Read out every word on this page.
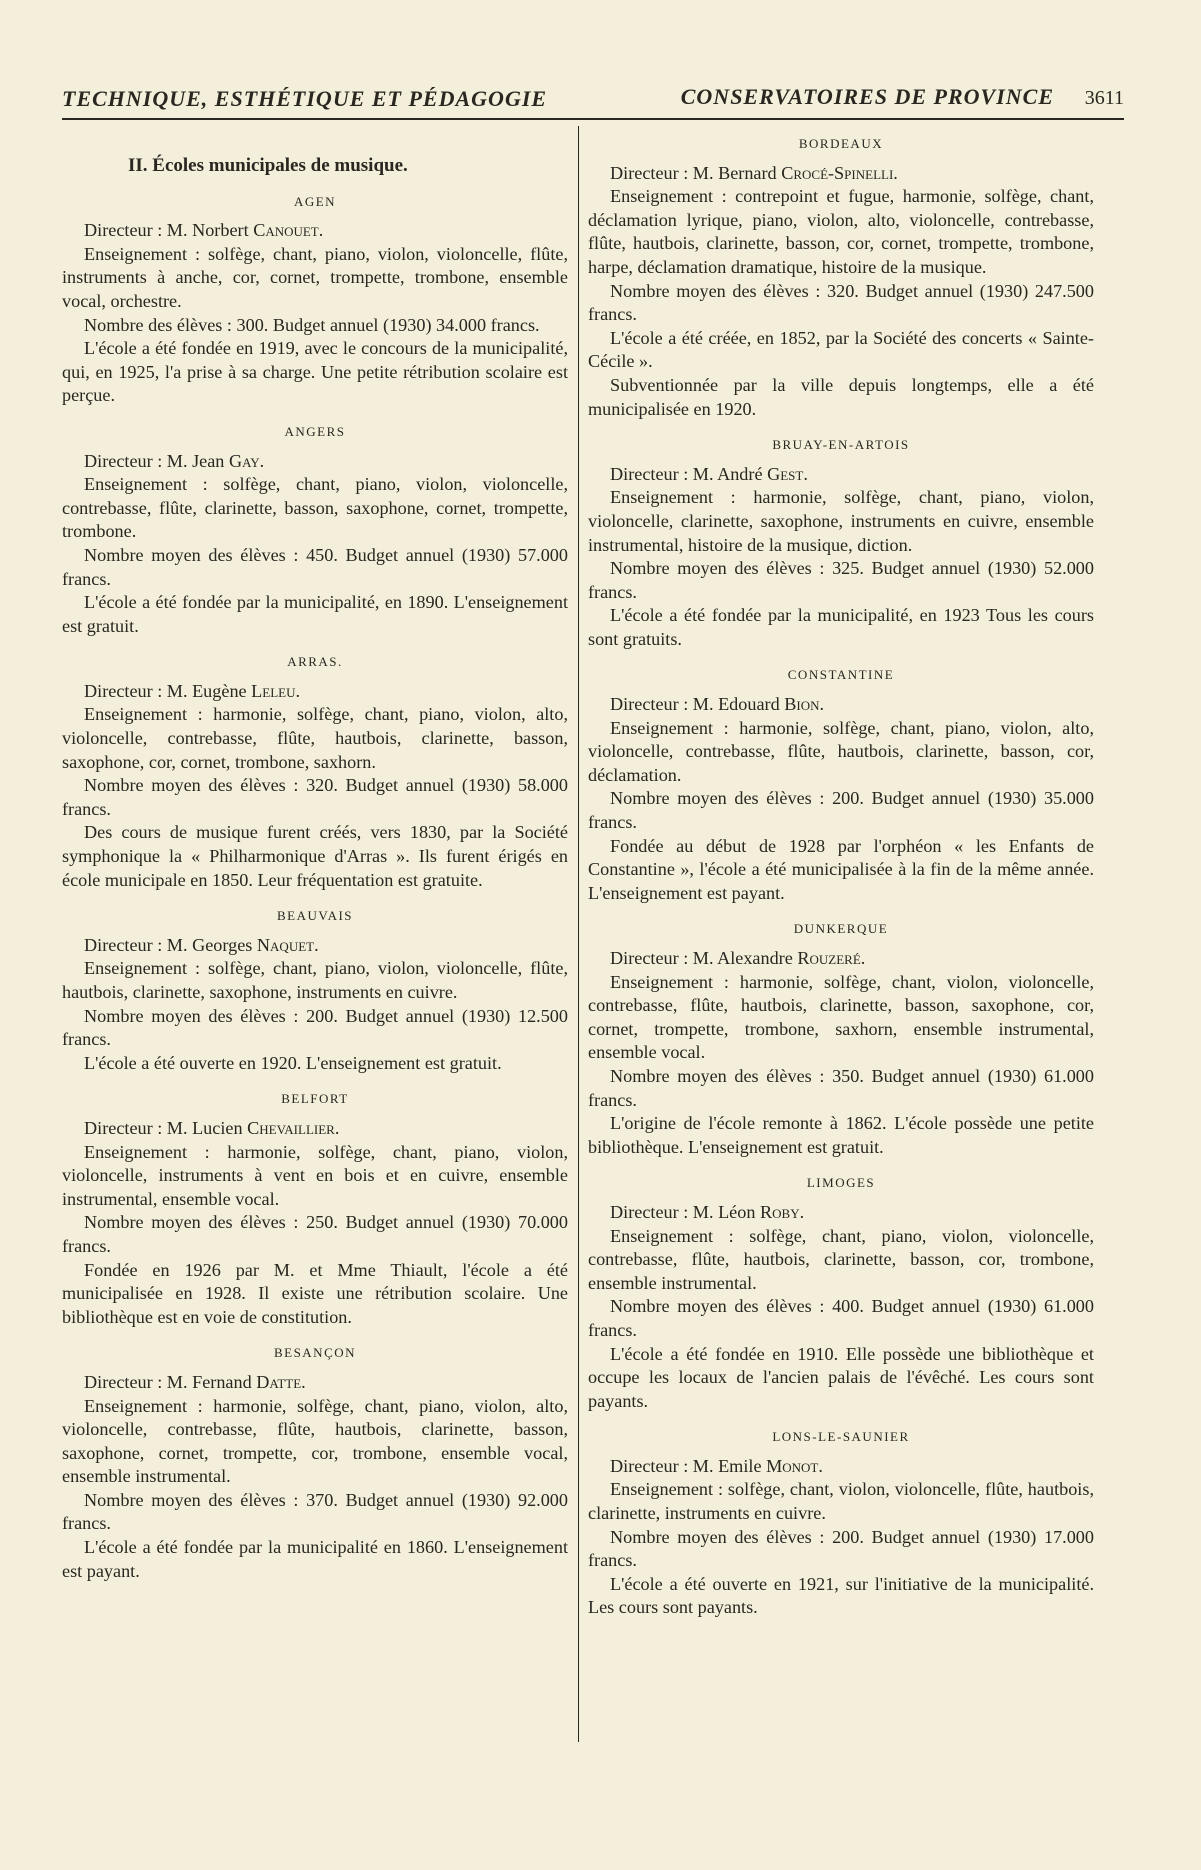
TECHNIQUE, ESTHÉTIQUE ET PÉDAGOGIE	CONSERVATOIRES DE PROVINCE 3611
II. Écoles municipales de musique.
AGEN

Directeur : M. Norbert Canouet.

Enseignement : solfège, chant, piano, violon, violoncelle, flûte, instruments à anche, cor, cornet, trompette, trombone, ensemble vocal, orchestre.

Nombre des élèves : 300. Budget annuel (1930) 34.000 francs.

L'école a été fondée en 1919, avec le concours de la municipalité, qui, en 1925, l'a prise à sa charge. Une petite rétribution scolaire est perçue.

ANGERS

Directeur : M. Jean Gay.

Enseignement : solfège, chant, piano, violon, violoncelle, contrebasse, flûte, clarinette, basson, saxophone, cornet, trompette, trombone.

Nombre moyen des élèves : 450. Budget annuel (1930) 57.000 francs.

L'école a été fondée par la municipalité, en 1890. L'enseignement est gratuit.

ARRAS.

Directeur : M. Eugène Leleu.

Enseignement : harmonie, solfège, chant, piano, violon, alto, violoncelle, contrebasse, flûte, hautbois, clarinette, basson, saxophone, cor, cornet, trombone, saxhorn.

Nombre moyen des élèves : 320. Budget annuel (1930) 58.000 francs.

Des cours de musique furent créés, vers 1830, par la Société symphonique la « Philharmonique d'Arras ». Ils furent érigés en école municipale en 1850. Leur fréquentation est gratuite.

BEAUVAIS

Directeur : M. Georges Naquet.

Enseignement : solfège, chant, piano, violon, violoncelle, flûte, hautbois, clarinette, saxophone, instruments en cuivre.

Nombre moyen des élèves : 200. Budget annuel (1930) 12.500 francs.

L'école a été ouverte en 1920. L'enseignement est gratuit.

BELFORT

Directeur : M. Lucien Chevaillier.

Enseignement : harmonie, solfège, chant, piano, violon, violoncelle, instruments à vent en bois et en cuivre, ensemble instrumental, ensemble vocal.

Nombre moyen des élèves : 250. Budget annuel (1930) 70.000 francs.

Fondée en 1926 par M. et Mme Thiault, l'école a été municipalisée en 1928. Il existe une rétribution scolaire. Une bibliothèque est en voie de constitution.

BESANÇON

Directeur : M. Fernand Datte.

Enseignement : harmonie, solfège, chant, piano, violon, alto, violoncelle, contrebasse, flûte, hautbois, clarinette, basson, saxophone, cornet, trompette, cor, trombone, ensemble vocal, ensemble instrumental.

Nombre moyen des élèves : 370. Budget annuel (1930) 92.000 francs.

L'école a été fondée par la municipalité en 1860. L'enseignement est payant.

BORDEAUX

Directeur : M. Bernard Crocé-Spinelli.

Enseignement : contrepoint et fugue, harmonie, solfège, chant, déclamation lyrique, piano, violon, alto, violoncelle, contrebasse, flûte, hautbois, clarinette, basson, cor, cornet, trompette, trombone, harpe, déclamation dramatique, histoire de la musique.

Nombre moyen des élèves : 320. Budget annuel (1930) 247.500 francs.

L'école a été créée, en 1852, par la Société des concerts « Sainte-Cécile ».

Subventionnée par la ville depuis longtemps, elle a été municipalisée en 1920.

BRUAY-EN-ARTOIS

Directeur : M. André Gest.

Enseignement : harmonie, solfège, chant, piano, violon, violoncelle, clarinette, saxophone, instruments en cuivre, ensemble instrumental, histoire de la musique, diction.

Nombre moyen des élèves : 325. Budget annuel (1930) 52.000 francs.

L'école a été fondée par la municipalité, en 1923 Tous les cours sont gratuits.

CONSTANTINE

Directeur : M. Edouard Bion.

Enseignement : harmonie, solfège, chant, piano, violon, alto, violoncelle, contrebasse, flûte, hautbois, clarinette, basson, cor, déclamation.

Nombre moyen des élèves : 200. Budget annuel (1930) 35.000 francs.

Fondée au début de 1928 par l'orphéon « les Enfants de Constantine », l'école a été municipalisée à la fin de la même année. L'enseignement est payant.

DUNKERQUE

Directeur : M. Alexandre Rouzeré.

Enseignement : harmonie, solfège, chant, violon, violoncelle, contrebasse, flûte, hautbois, clarinette, basson, saxophone, cor, cornet, trompette, trombone, saxhorn, ensemble instrumental, ensemble vocal.

Nombre moyen des élèves : 350. Budget annuel (1930) 61.000 francs.

L'origine de l'école remonte à 1862. L'école possède une petite bibliothèque. L'enseignement est gratuit.

LIMOGES

Directeur : M. Léon Roby.

Enseignement : solfège, chant, piano, violon, violoncelle, contrebasse, flûte, hautbois, clarinette, basson, cor, trombone, ensemble instrumental.

Nombre moyen des élèves : 400. Budget annuel (1930) 61.000 francs.

L'école a été fondée en 1910. Elle possède une bibliothèque et occupe les locaux de l'ancien palais de l'évêché. Les cours sont payants.

LONS-LE-SAUNIER

Directeur : M. Emile Monot.

Enseignement : solfège, chant, violon, violoncelle, flûte, hautbois, clarinette, instruments en cuivre.

Nombre moyen des élèves : 200. Budget annuel (1930) 17.000 francs.

L'école a été ouverte en 1921, sur l'initiative de la municipalité. Les cours sont payants.
